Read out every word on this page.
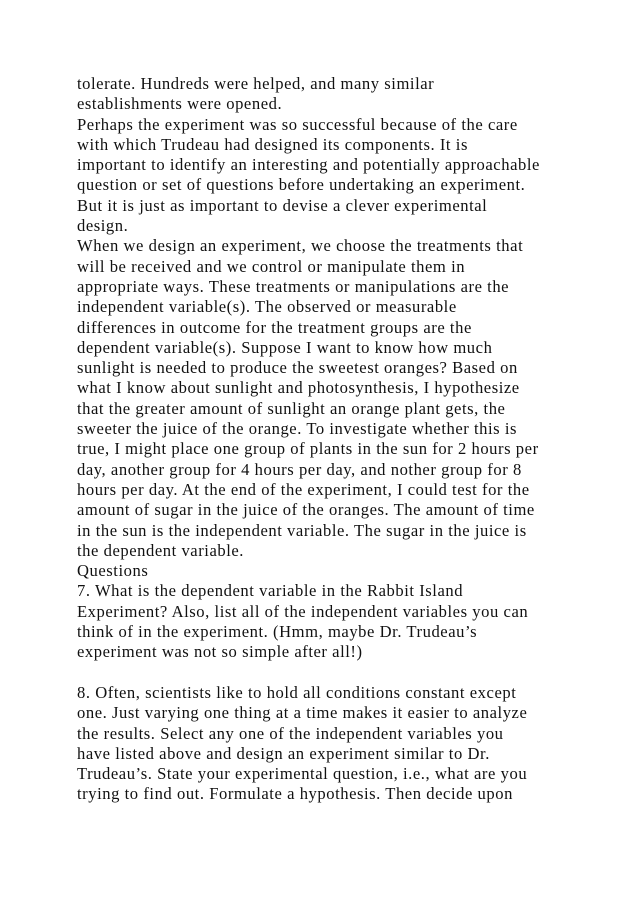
tolerate. Hundreds were helped, and many similar
establishments were opened.
Perhaps the experiment was so successful because of the care
with which Trudeau had designed its components. It is
important to identify an interesting and potentially approachable
question or set of questions before undertaking an experiment.
But it is just as important to devise a clever experimental
design.
When we design an experiment, we choose the treatments that
will be received and we control or manipulate them in
appropriate ways. These treatments or manipulations are the
independent variable(s). The observed or measurable
differences in outcome for the treatment groups are the
dependent variable(s). Suppose I want to know how much
sunlight is needed to produce the sweetest oranges? Based on
what I know about sunlight and photosynthesis, I hypothesize
that the greater amount of sunlight an orange plant gets, the
sweeter the juice of the orange. To investigate whether this is
true, I might place one group of plants in the sun for 2 hours per
day, another group for 4 hours per day, and nother group for 8
hours per day. At the end of the experiment, I could test for the
amount of sugar in the juice of the oranges. The amount of time
in the sun is the independent variable. The sugar in the juice is
the dependent variable.
Questions
7. What is the dependent variable in the Rabbit Island
Experiment? Also, list all of the independent variables you can
think of in the experiment. (Hmm, maybe Dr. Trudeau’s
experiment was not so simple after all!)
8. Often, scientists like to hold all conditions constant except
one. Just varying one thing at a time makes it easier to analyze
the results. Select any one of the independent variables you
have listed above and design an experiment similar to Dr.
Trudeau’s. State your experimental question, i.e., what are you
trying to find out. Formulate a hypothesis. Then decide upon
